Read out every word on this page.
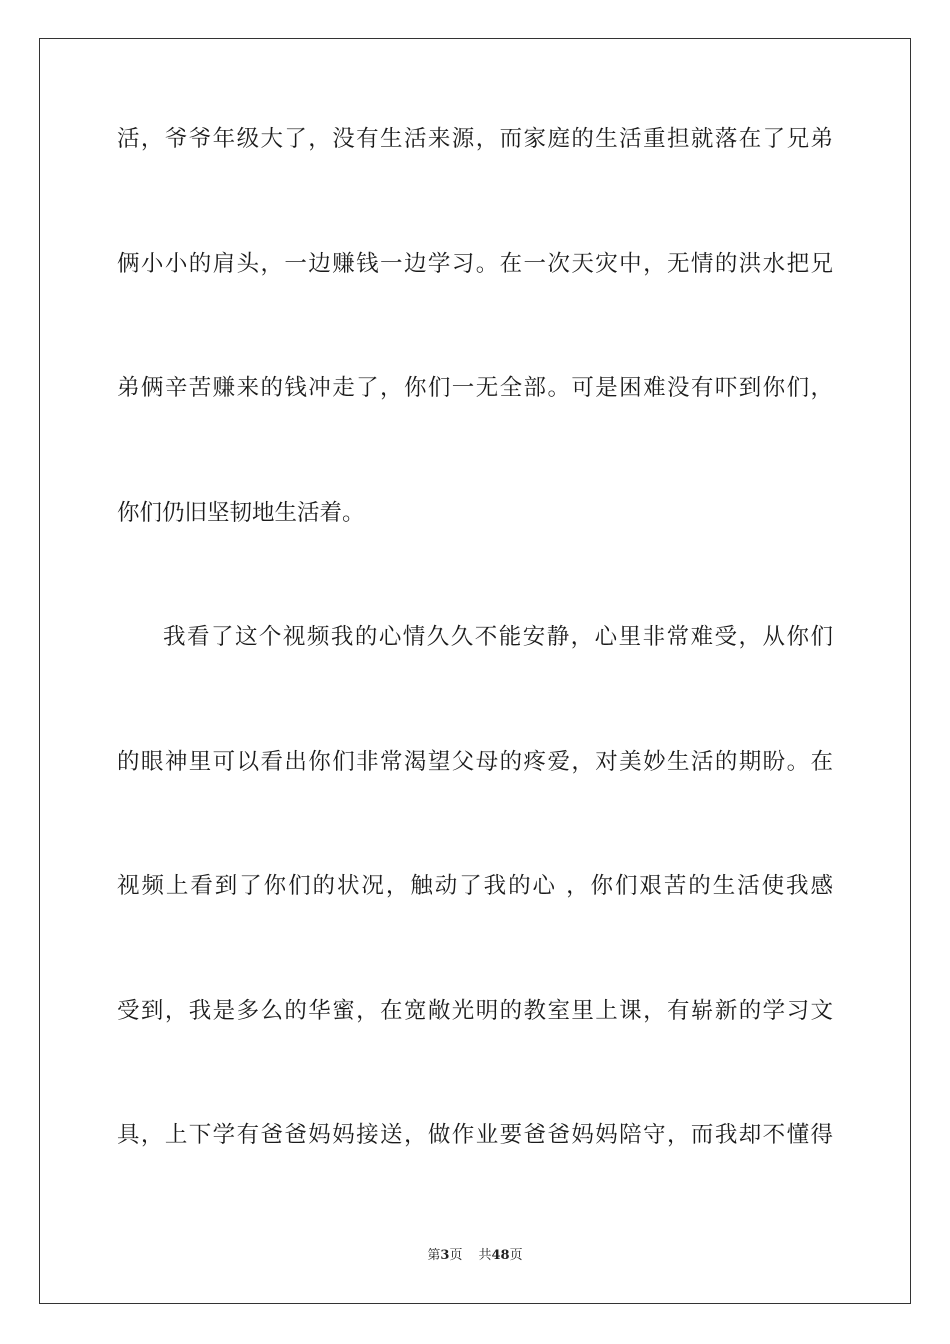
活，爷爷年级大了，没有生活来源，而家庭的生活重担就落在了兄弟
俩小小的肩头，一边赚钱一边学习。在一次天灾中，无情的洪水把兄
弟俩辛苦赚来的钱冲走了，你们一无全部。可是困难没有吓到你们，
你们仍旧坚韧地生活着。
我看了这个视频我的心情久久不能安静，心里非常难受，从你们
的眼神里可以看出你们非常渴望父母的疼爱，对美妙生活的期盼。在
视频上看到了你们的状况，触动了我的心 ，你们艰苦的生活使我感
受到，我是多么的华蜜，在宽敞光明的教室里上课，有崭新的学习文
具，上下学有爸爸妈妈接送，做作业要爸爸妈妈陪守，而我却不懂得
第3页 共48页
